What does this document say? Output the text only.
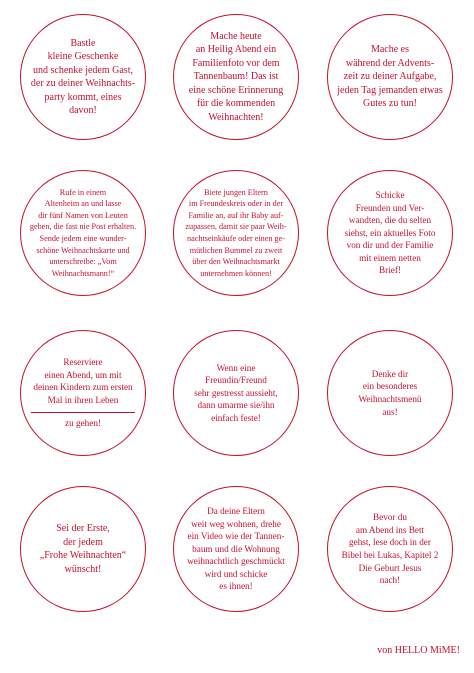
Bastle
kleine Geschenke
und schenke jedem Gast,
der zu deiner Weihnachts-
party kommt, eines
davon!
Mache heute
an Heilig Abend ein
Familienfoto vor dem
Tannenbaum! Das ist
eine schöne Erinnerung
für die kommenden
Weihnachten!
Mache es
während der Advents-
zeit zu deiner Aufgabe,
jeden Tag jemanden etwas
Gutes zu tun!
Rufe in einem
Altenheim an und lasse
dir fünf Namen von Leuten
geben, die fast nie Post erhalten.
Sende jedem eine wunder-
schöne Weihnachtskarte und
unterschreibe: „Vom
Weihnachtsmann!“
Biete jungen Eltern
im Freundeskreis oder in der
Familie an, auf ihr Baby auf-
zupassen, damit sie paar Weih-
nachtseinkäufe oder einen ge-
mütlichen Bummel zu zweit
über den Weihnachtsmarkt
unternehmen können!
Schicke
Freunden und Ver-
wandten, die du selten
siehst, ein aktuelles Foto
von dir und der Familie
mit einem netten
Brief!
Reserviere
einen Abend, um mit
deinen Kindern zum ersten
Mal in ihren Leben
zu gehen!
Wenn eine
Freundin/Freund
sehr gestresst aussieht,
dann umarme sie/ihn
einfach feste!
Denke dir
ein besonderes
Weihnachtsmenü
aus!
Sei der Erste,
der jedem
„Frohe Weihnachten“
wünscht!
Da deine Eltern
weit weg wohnen, drehe
ein Video wie der Tannen-
baum und die Wohnung
weihnachtlich geschmückt
wird und schicke
es ihnen!
Bevor du
am Abend ins Bett
gehst, lese doch in der
Bibel bei Lukas, Kapitel 2
Die Geburt Jesus
nach!
von HELLO MiME!
